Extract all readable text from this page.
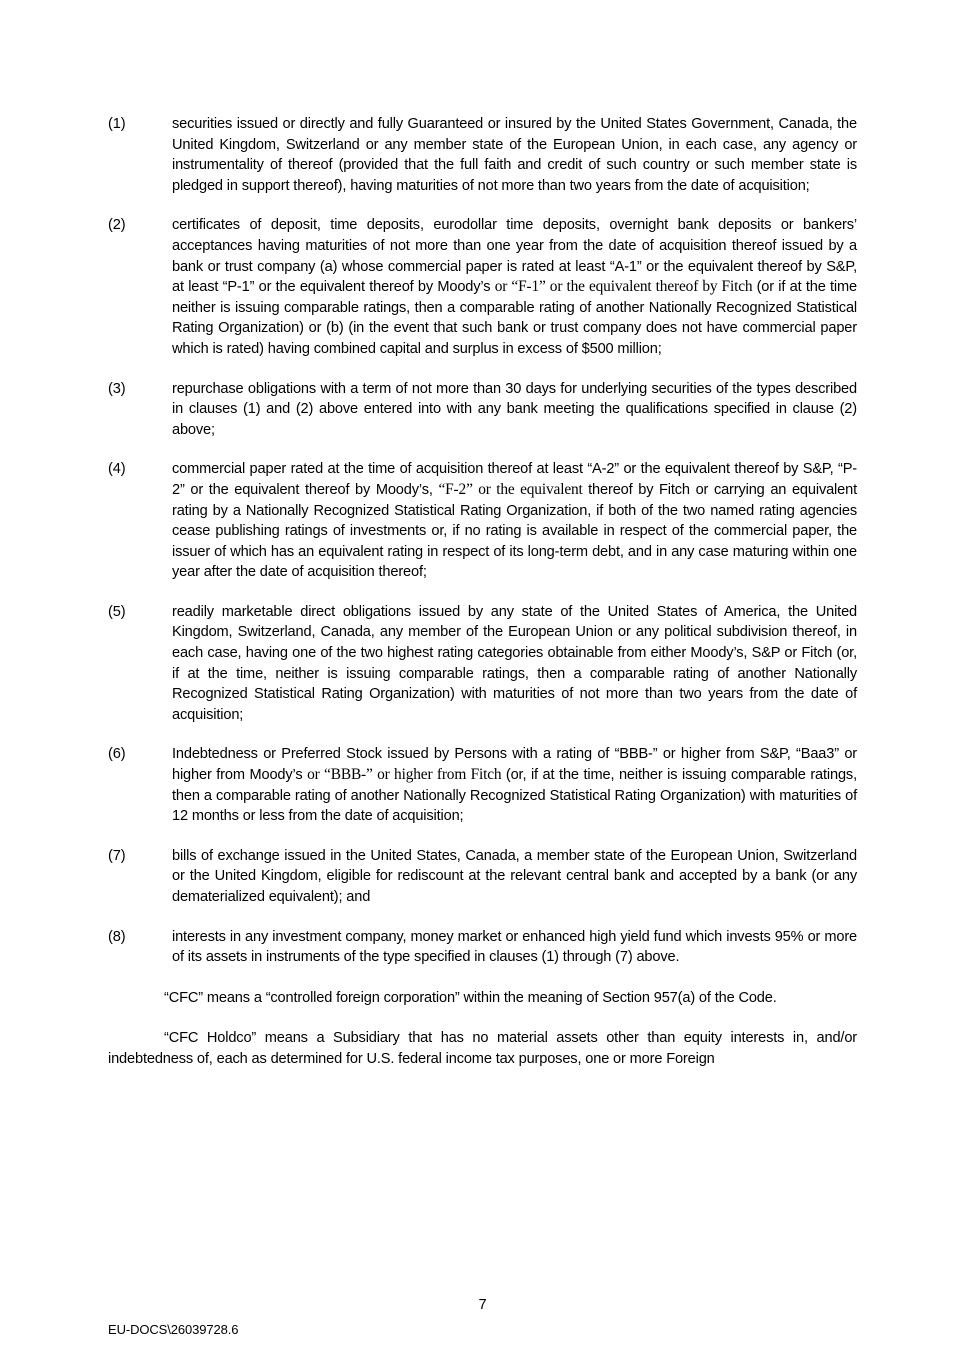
(1)	securities issued or directly and fully Guaranteed or insured by the United States Government, Canada, the United Kingdom, Switzerland or any member state of the European Union, in each case, any agency or instrumentality of thereof (provided that the full faith and credit of such country or such member state is pledged in support thereof), having maturities of not more than two years from the date of acquisition;
(2)	certificates of deposit, time deposits, eurodollar time deposits, overnight bank deposits or bankers’ acceptances having maturities of not more than one year from the date of acquisition thereof issued by a bank or trust company (a) whose commercial paper is rated at least “A-1” or the equivalent thereof by S&P, at least “P-1” or the equivalent thereof by Moody’s or “F-1” or the equivalent thereof by Fitch (or if at the time neither is issuing comparable ratings, then a comparable rating of another Nationally Recognized Statistical Rating Organization) or (b) (in the event that such bank or trust company does not have commercial paper which is rated) having combined capital and surplus in excess of $500 million;
(3)	repurchase obligations with a term of not more than 30 days for underlying securities of the types described in clauses (1) and (2) above entered into with any bank meeting the qualifications specified in clause (2) above;
(4)	commercial paper rated at the time of acquisition thereof at least “A-2” or the equivalent thereof by S&P, “P-2” or the equivalent thereof by Moody’s, “F-2” or the equivalent thereof by Fitch or carrying an equivalent rating by a Nationally Recognized Statistical Rating Organization, if both of the two named rating agencies cease publishing ratings of investments or, if no rating is available in respect of the commercial paper, the issuer of which has an equivalent rating in respect of its long-term debt, and in any case maturing within one year after the date of acquisition thereof;
(5)	readily marketable direct obligations issued by any state of the United States of America, the United Kingdom, Switzerland, Canada, any member of the European Union or any political subdivision thereof, in each case, having one of the two highest rating categories obtainable from either Moody’s, S&P or Fitch (or, if at the time, neither is issuing comparable ratings, then a comparable rating of another Nationally Recognized Statistical Rating Organization) with maturities of not more than two years from the date of acquisition;
(6)	Indebtedness or Preferred Stock issued by Persons with a rating of “BBB-” or higher from S&P, “Baa3” or higher from Moody’s or “BBB-” or higher from Fitch (or, if at the time, neither is issuing comparable ratings, then a comparable rating of another Nationally Recognized Statistical Rating Organization) with maturities of 12 months or less from the date of acquisition;
(7)	bills of exchange issued in the United States, Canada, a member state of the European Union, Switzerland or the United Kingdom, eligible for rediscount at the relevant central bank and accepted by a bank (or any dematerialized equivalent); and
(8)	interests in any investment company, money market or enhanced high yield fund which invests 95% or more of its assets in instruments of the type specified in clauses (1) through (7) above.
“CFC” means a “controlled foreign corporation” within the meaning of Section 957(a) of the Code.
“CFC Holdco” means a Subsidiary that has no material assets other than equity interests in, and/or indebtedness of, each as determined for U.S. federal income tax purposes, one or more Foreign
7
EU-DOCS\26039728.6
